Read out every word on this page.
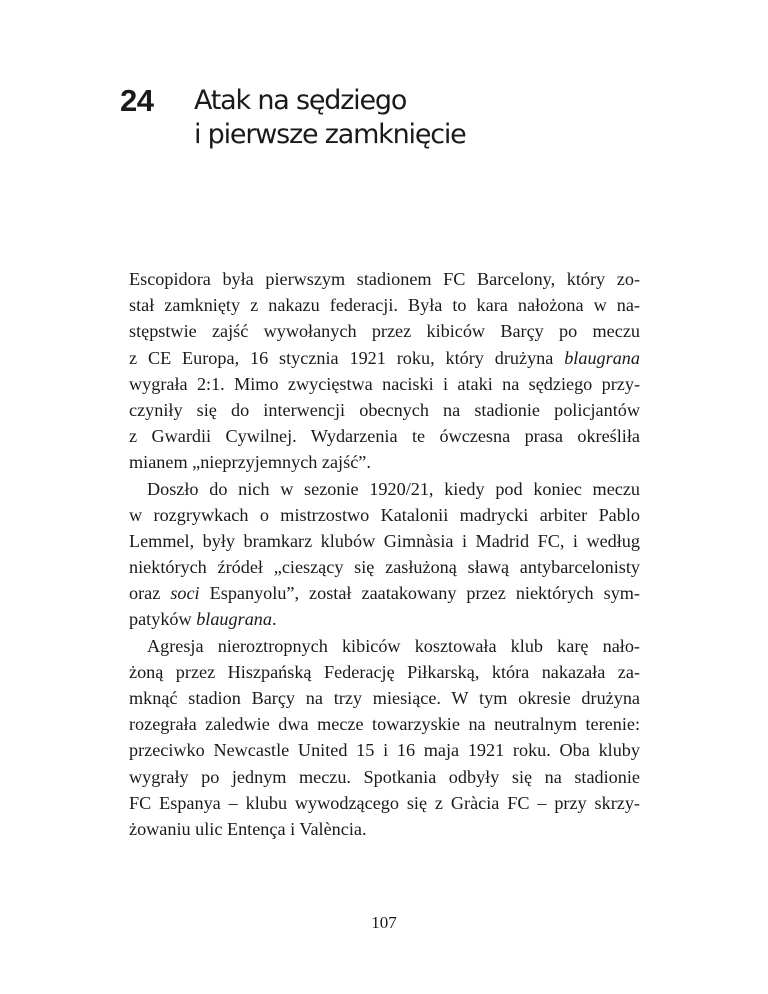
24 Atak na sędziego
i pierwsze zamknięcie
Escopidora była pierwszym stadionem FC Barcelony, który zo-
stał zamknięty z nakazu federacji. Była to kara nałożona w na-
stępstwie zajść wywołanych przez kibiców Barçy po meczu
z CE Europa, 16 stycznia 1921 roku, który drużyna blaugrana
wygrała 2:1. Mimo zwycięstwa naciski i ataki na sędziego przy-
czyniły się do interwencji obecnych na stadionie policjantów
z Gwardii Cywilnej. Wydarzenia te ówczesna prasa określiła
mianem „nieprzyjemnych zajść”.
Doszło do nich w sezonie 1920/21, kiedy pod koniec meczu
w rozgrywkach o mistrzostwo Katalonii madrycki arbiter Pablo
Lemmel, były bramkarz klubów Gimnàsia i Madrid FC, i według
niektórych źródeł „cieszący się zasłużoną sławą antybarcelonisty
oraz soci Espanyolu”, został zaatakowany przez niektórych sym-
patyków blaugrana.
Agresja nieroztropnych kibiców kosztowała klub karę nało-
żoną przez Hiszpańską Federację Piłkarską, która nakazała za-
mknąć stadion Barçy na trzy miesiące. W tym okresie drużyna
rozegrała zaledwie dwa mecze towarzyskie na neutralnym terenie:
przeciwko Newcastle United 15 i 16 maja 1921 roku. Oba kluby
wygrały po jednym meczu. Spotkania odbyły się na stadionie
FC Espanya – klubu wywodzącego się z Gràcia FC – przy skrzy-
żowaniu ulic Entença i València.
107
